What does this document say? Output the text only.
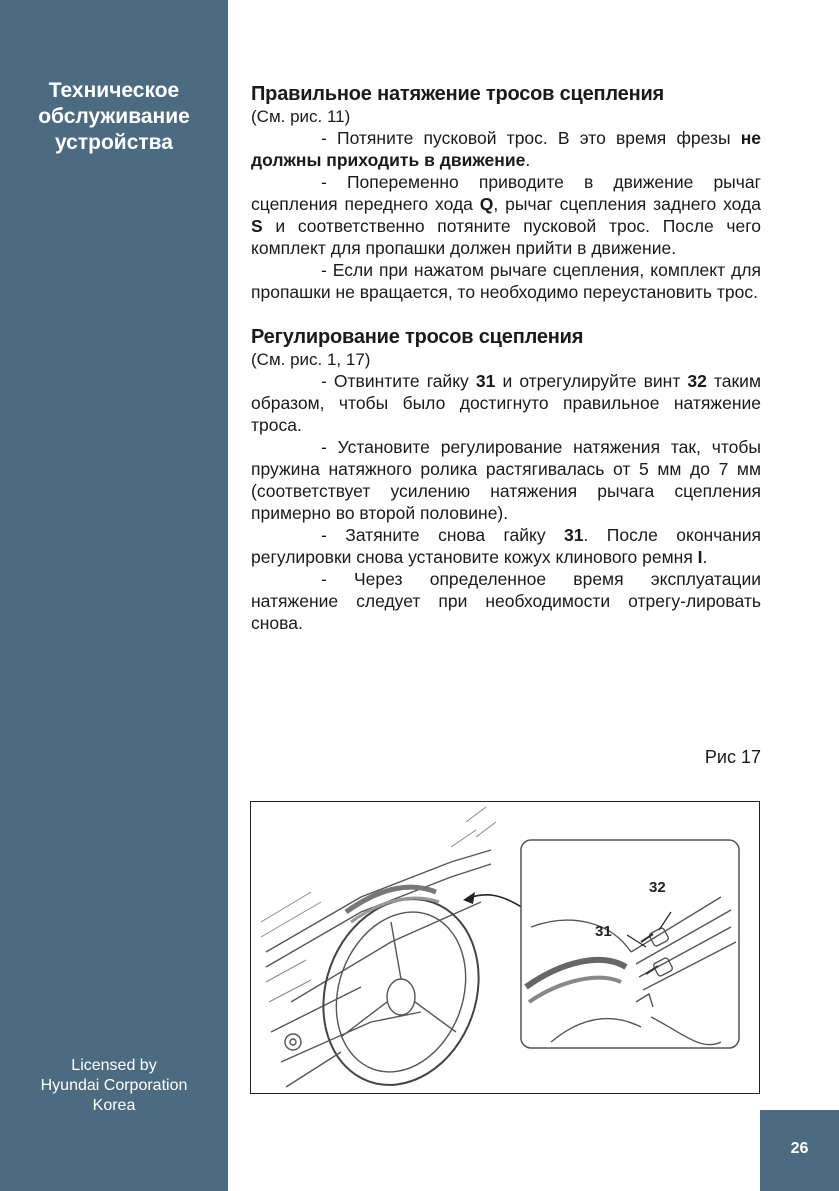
Техническое
обслуживание
устройства
Licensed by
Hyundai Corporation
Korea
26
Правильное натяжение тросов сцепления
(См. рис. 11)

- Потяните пусковой трос. В это время фрезы не должны приходить в движение.

- Попеременно приводите в движение рычаг сцепления переднего хода Q, рычаг сцепления заднего хода S и соответственно потяните пусковой трос. После чего комплект для пропашки должен прийти в движение.

- Если при нажатом рычаге сцепления, комплект для пропашки не вращается, то необходимо переустановить трос.

Регулирование тросов сцепления
(См. рис. 1, 17)

- Отвинтите гайку 31 и отрегулируйте винт 32 таким образом, чтобы было достигнуто правильное натяжение троса.

- Установите регулирование натяжения так, чтобы пружина натяжного ролика растягивалась от 5 мм до 7 мм (соответствует усилению натяжения рычага сцепления примерно во второй половине).

- Затяните снова гайку 31. После окончания регулировки снова установите кожух клинового ремня I.

- Через определенное время эксплуатации натяжение следует при необходимости отрегу-лировать снова.

Рис 17
32
31
